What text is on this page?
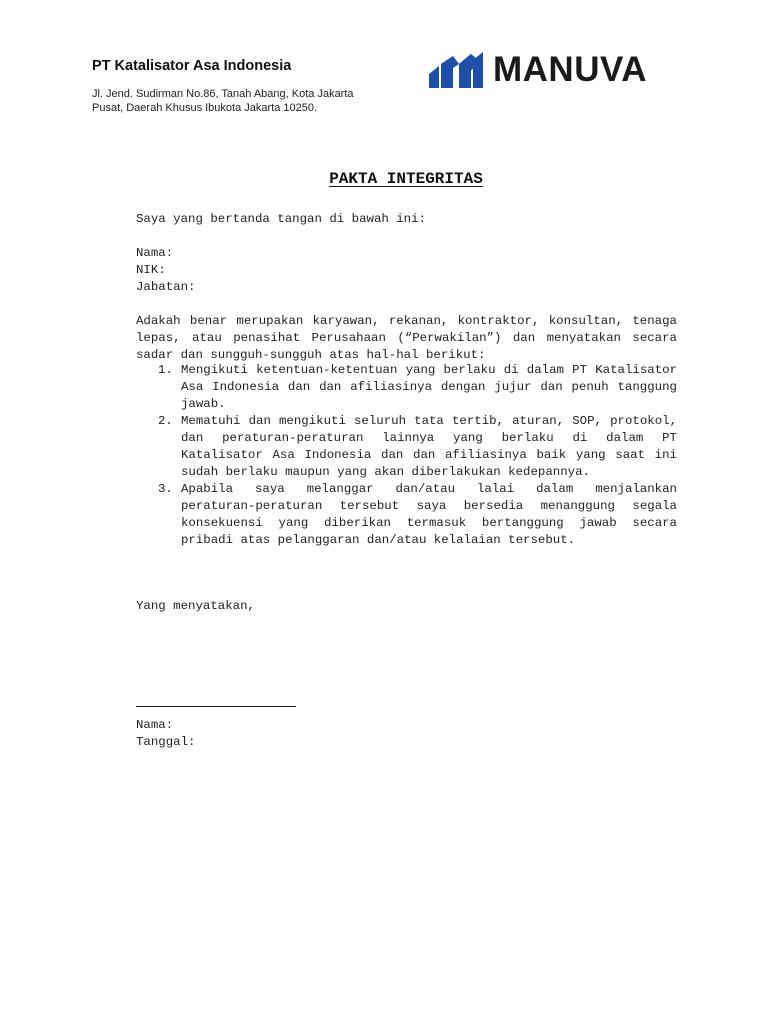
PT Katalisator Asa Indonesia
Jl. Jend. Sudirman No.86, Tanah Abang, Kota Jakarta
Pusat, Daerah Khusus Ibukota Jakarta 10250.
MANUVA
PAKTA INTEGRITAS
Saya yang bertanda tangan di bawah ini:
Nama:
NIK:
Jabatan:
Adakah benar merupakan karyawan, rekanan, kontraktor, konsultan, tenaga
lepas, atau penasihat Perusahaan (“Perwakilan”) dan menyatakan secara
sadar dan sungguh-sungguh atas hal-hal berikut:
1. Mengikuti ketentuan-ketentuan yang berlaku di dalam PT Katalisator
Asa Indonesia dan dan afiliasinya dengan jujur dan penuh tanggung
jawab.
2. Mematuhi dan mengikuti seluruh tata tertib, aturan, SOP, protokol,
dan peraturan-peraturan lainnya yang berlaku di dalam PT
Katalisator Asa Indonesia dan dan afiliasinya baik yang saat ini
sudah berlaku maupun yang akan diberlakukan kedepannya.
3. Apabila saya melanggar dan/atau lalai dalam menjalankan
peraturan-peraturan tersebut saya bersedia menanggung segala
konsekuensi yang diberikan termasuk bertanggung jawab secara
pribadi atas pelanggaran dan/atau kelalaian tersebut.
Yang menyatakan,
Nama:
Tanggal:
